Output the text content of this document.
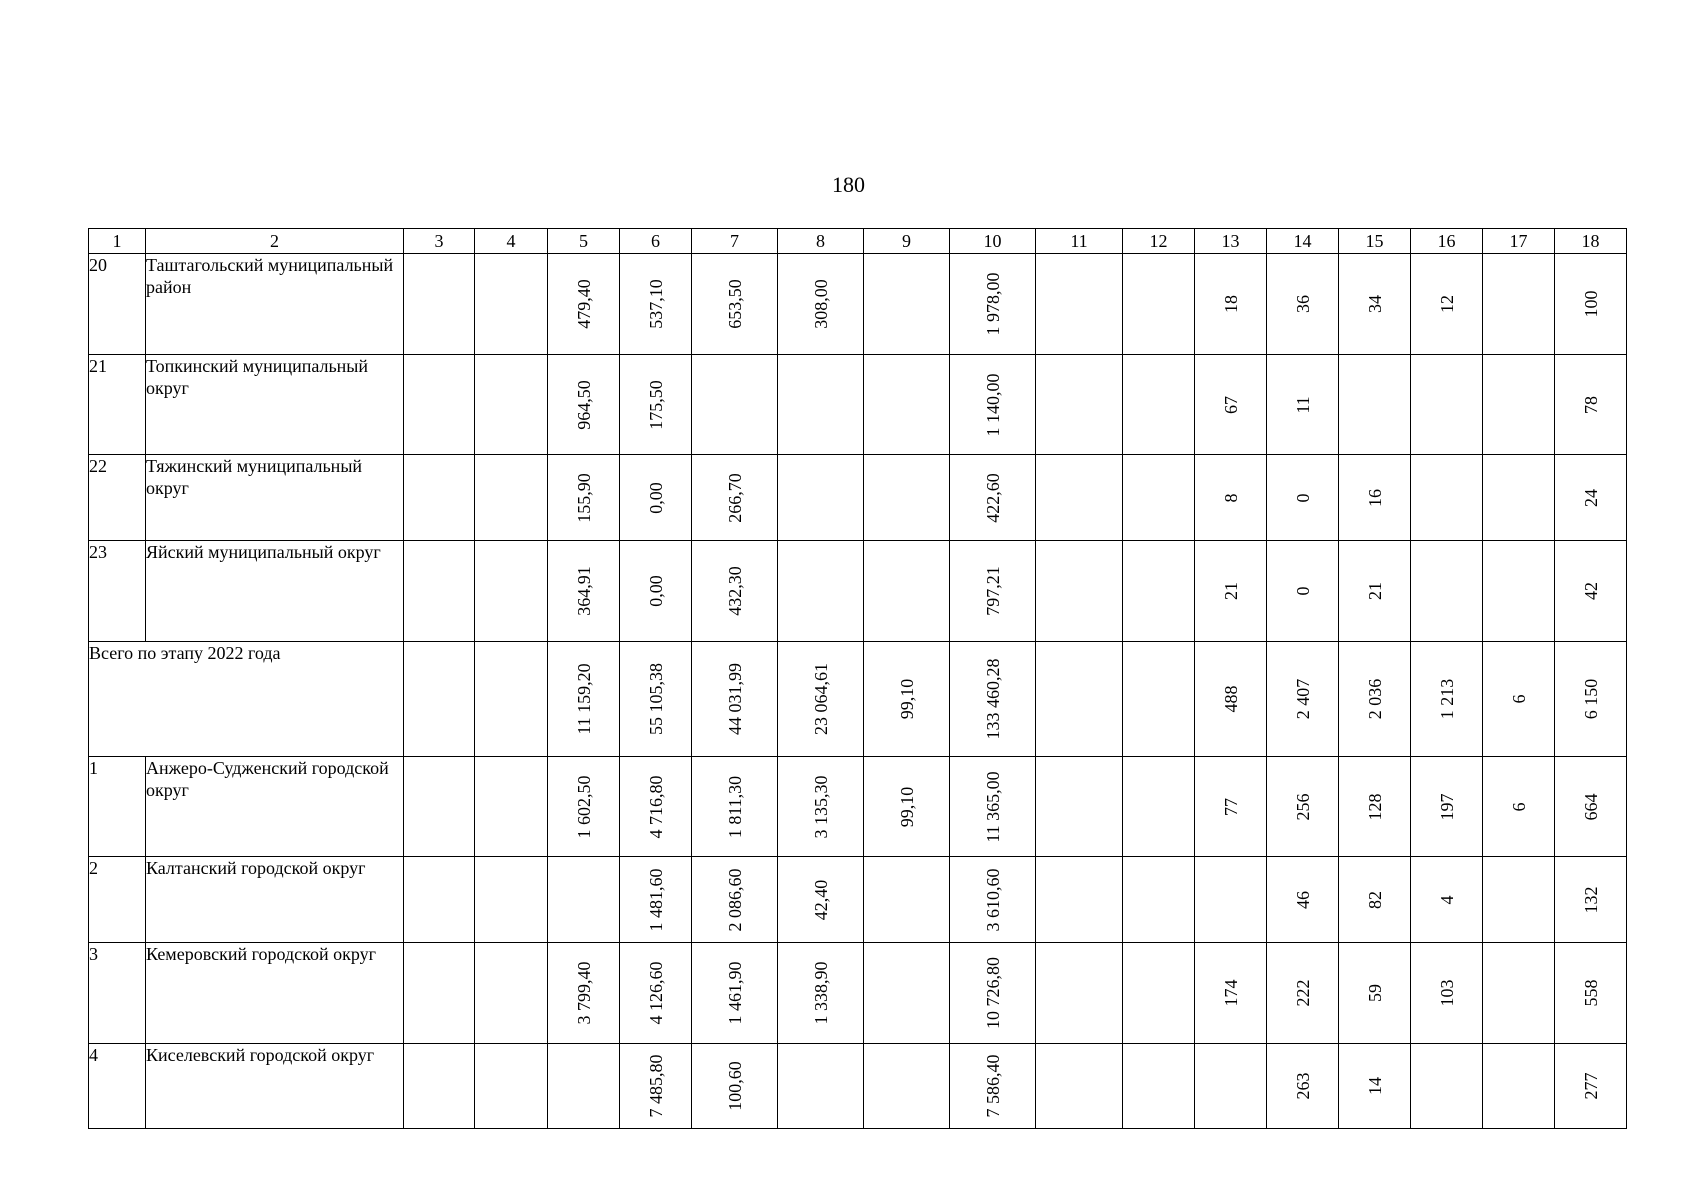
180
1	2	3	4	5	6	7	8	9	10	11	12	13	14	15	16	17	18
20	Таштагольский муниципальный район			479,40	537,10	653,50	308,00		1 978,00			18	36	34	12		100

21	Топкинский муниципальный округ			964,50	175,50				1 140,00			67	11				78

22	Тяжинский муниципальный округ			155,90	0,00	266,70			422,60			8	0	16			24

23	Яйский муниципальный округ			364,91	0,00	432,30			797,21			21	0	21			42

Всего по этапу 2022 года				11 159,20	55 105,38	44 031,99	23 064,61	99,10	133 460,28			488	2 407	2 036	1 213	6	6 150

1	Анжеро-Судженский городской округ			1 602,50	4 716,80	1 811,30	3 135,30	99,10	11 365,00			77	256	128	197	6	664

2	Калтанский городской округ				1 481,60	2 086,60	42,40		3 610,60				46	82	4		132

3	Кемеровский городской округ			3 799,40	4 126,60	1 461,90	1 338,90		10 726,80			174	222	59	103		558

4	Киселевский городской округ				7 485,80	100,60			7 586,40				263	14			277
